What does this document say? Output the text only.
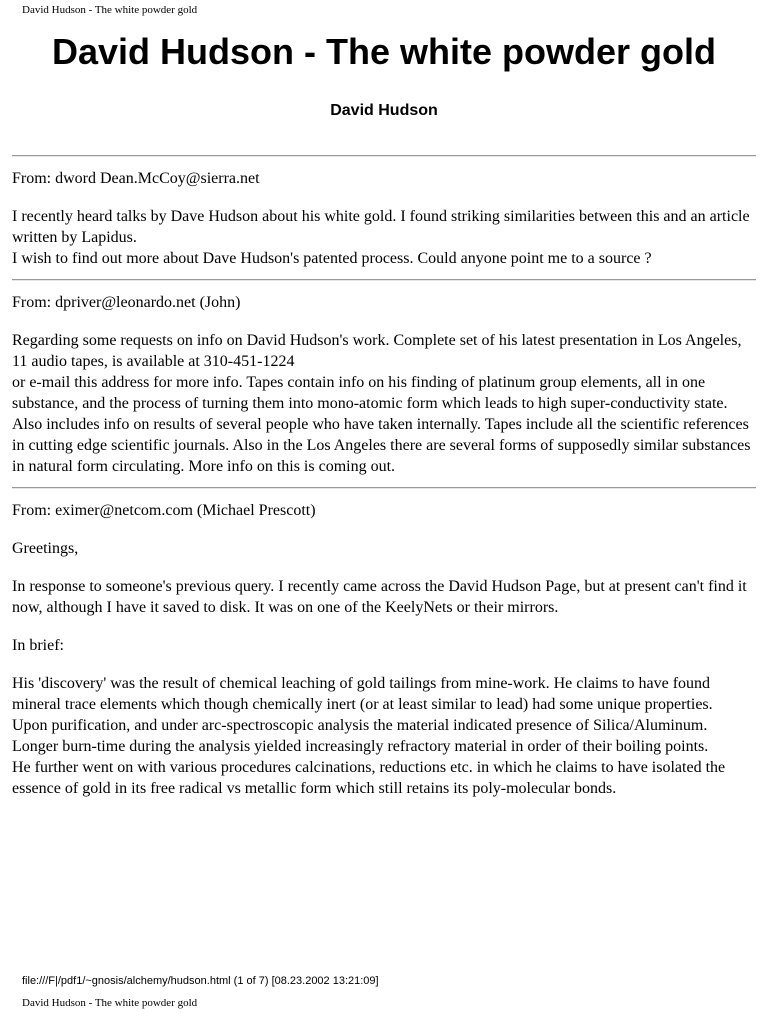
David Hudson - The white powder gold
David Hudson - The white powder gold
David Hudson

From: dword Dean.McCoy@sierra.net

I recently heard talks by Dave Hudson about his white gold. I found striking similarities between this and an article written by Lapidus.
I wish to find out more about Dave Hudson's patented process. Could anyone point me to a source ?

From: dpriver@leonardo.net (John)

Regarding some requests on info on David Hudson's work. Complete set of his latest presentation in Los Angeles, 11 audio tapes, is available at 310-451-1224
or e-mail this address for more info. Tapes contain info on his finding of platinum group elements, all in one substance, and the process of turning them into mono-atomic form which leads to high super-conductivity state. Also includes info on results of several people who have taken internally. Tapes include all the scientific references in cutting edge scientific journals. Also in the Los Angeles there are several forms of supposedly similar substances in natural form circulating. More info on this is coming out.

From: eximer@netcom.com (Michael Prescott)

Greetings,

In response to someone's previous query. I recently came across the David Hudson Page, but at present can't find it now, although I have it saved to disk. It was on one of the KeelyNets or their mirrors.

In brief:

His 'discovery' was the result of chemical leaching of gold tailings from mine-work. He claims to have found mineral trace elements which though chemically inert (or at least similar to lead) had some unique properties.
Upon purification, and under arc-spectroscopic analysis the material indicated presence of Silica/Aluminum. Longer burn-time during the analysis yielded increasingly refractory material in order of their boiling points.
He further went on with various procedures calcinations, reductions etc. in which he claims to have isolated the essence of gold in its free radical vs metallic form which still retains its poly-molecular bonds.

file:///F|/pdf1/~gnosis/alchemy/hudson.html (1 of 7) [08.23.2002 13:21:09]
David Hudson - The white powder gold
